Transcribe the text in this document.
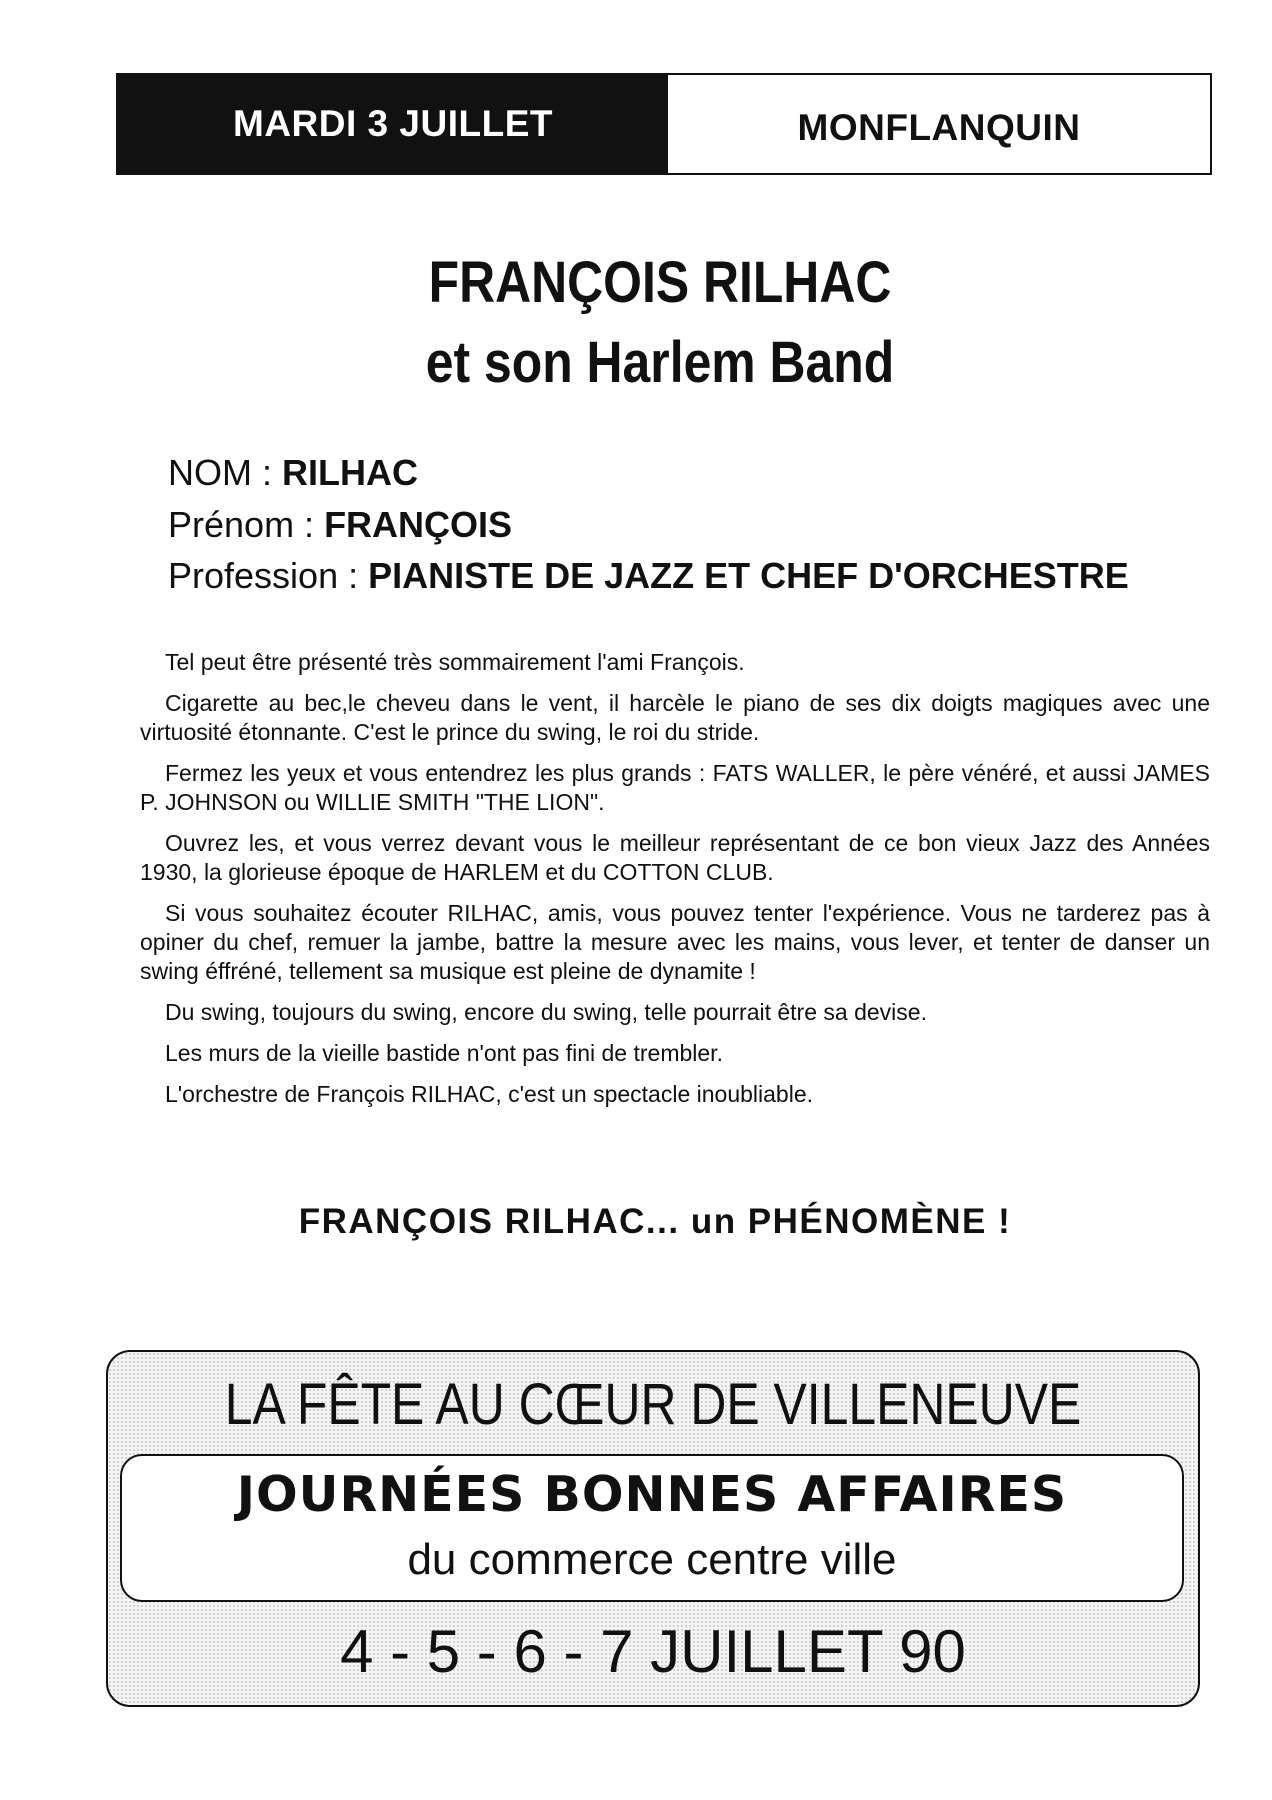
MARDI 3 JUILLET	MONFLANQUIN
FRANÇOIS RILHAC
et son Harlem Band
NOM : RILHAC
Prénom : FRANÇOIS
Profession : PIANISTE DE JAZZ ET CHEF D'ORCHESTRE

Tel peut être présenté très sommairement l'ami François.

Cigarette au bec,le cheveu dans le vent, il harcèle le piano de ses dix doigts magiques avec une virtuosité étonnante. C'est le prince du swing, le roi du stride.

Fermez les yeux et vous entendrez les plus grands : FATS WALLER, le père vénéré, et aussi JAMES P. JOHNSON ou WILLIE SMITH "THE LION".

Ouvrez les, et vous verrez devant vous le meilleur représentant de ce bon vieux Jazz des Années 1930, la glorieuse époque de HARLEM et du COTTON CLUB.

Si vous souhaitez écouter RILHAC, amis, vous pouvez tenter l'expérience. Vous ne tarderez pas à opiner du chef, remuer la jambe, battre la mesure avec les mains, vous lever, et tenter de danser un swing éffréné, tellement sa musique est pleine de dynamite !

Du swing, toujours du swing, encore du swing, telle pourrait être sa devise.

Les murs de la vieille bastide n'ont pas fini de trembler.

L'orchestre de François RILHAC, c'est un spectacle inoubliable.

FRANÇOIS RILHAC... un PHÉNOMÈNE !
LA FÊTE AU CŒUR DE VILLENEUVE
JOURNÉES BONNES AFFAIRES
du commerce centre ville
4 - 5 - 6 - 7 JUILLET 90
